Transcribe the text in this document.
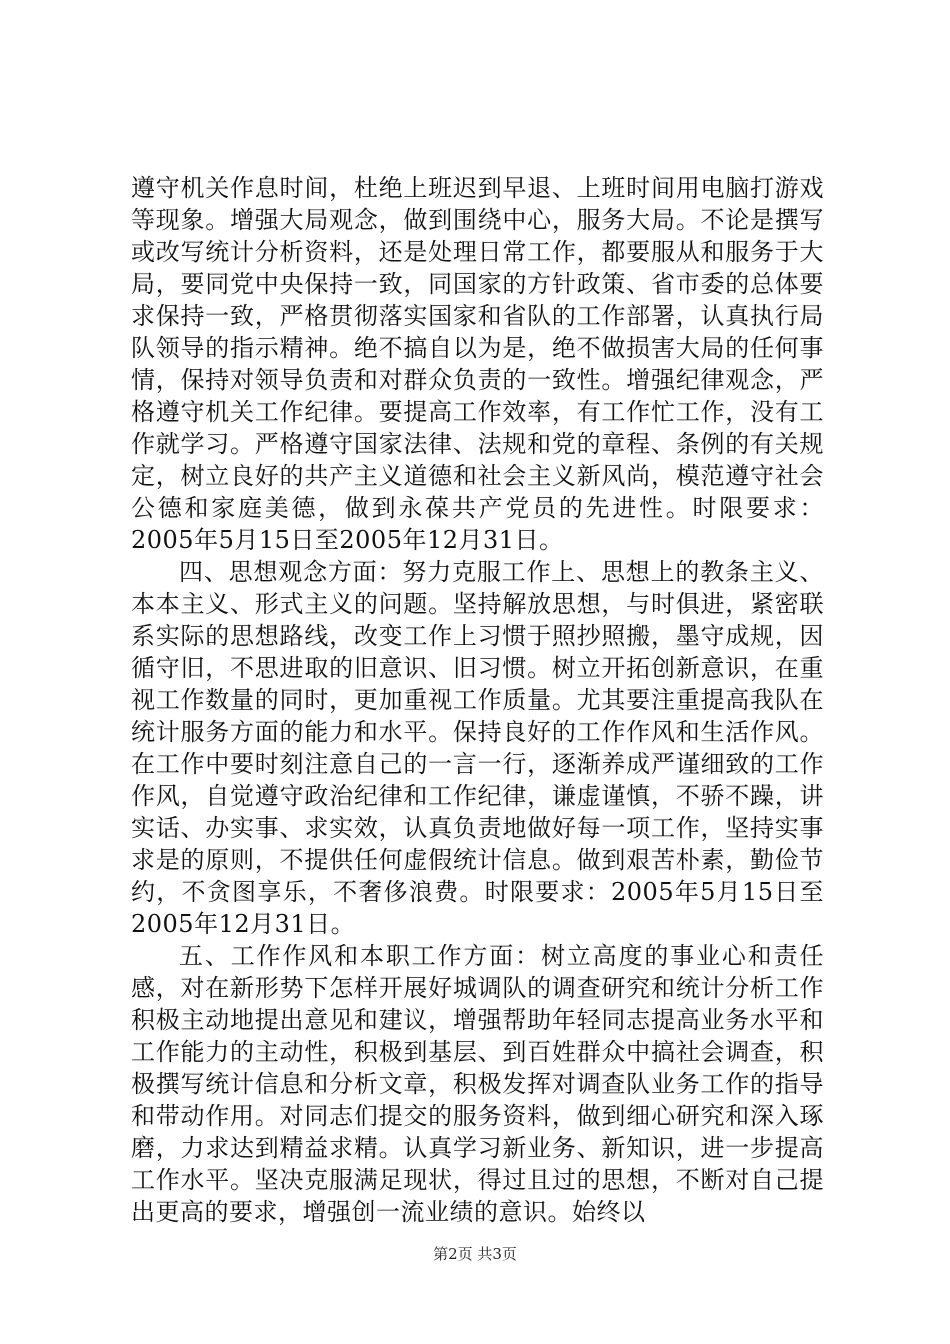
遵守机关作息时间，杜绝上班迟到早退、上班时间用电脑打游戏等现象。增强大局观念，做到围绕中心，服务大局。不论是撰写或改写统计分析资料，还是处理日常工作，都要服从和服务于大局，要同党中央保持一致，同国家的方针政策、省市委的总体要求保持一致，严格贯彻落实国家和省队的工作部署，认真执行局队领导的指示精神。绝不搞自以为是，绝不做损害大局的任何事情，保持对领导负责和对群众负责的一致性。增强纪律观念，严格遵守机关工作纪律。要提高工作效率，有工作忙工作，没有工作就学习。严格遵守国家法律、法规和党的章程、条例的有关规定，树立良好的共产主义道德和社会主义新风尚，模范遵守社会公德和家庭美德，做到永葆共产党员的先进性。时限要求：2005年5月15日至2005年12月31日。

四、思想观念方面：努力克服工作上、思想上的教条主义、本本主义、形式主义的问题。坚持解放思想，与时俱进，紧密联系实际的思想路线，改变工作上习惯于照抄照搬，墨守成规，因循守旧，不思进取的旧意识、旧习惯。树立开拓创新意识，在重视工作数量的同时，更加重视工作质量。尤其要注重提高我队在统计服务方面的能力和水平。保持良好的工作作风和生活作风。在工作中要时刻注意自己的一言一行，逐渐养成严谨细致的工作作风，自觉遵守政治纪律和工作纪律，谦虚谨慎，不骄不躁，讲实话、办实事、求实效，认真负责地做好每一项工作，坚持实事求是的原则，不提供任何虚假统计信息。做到艰苦朴素，勤俭节约，不贪图享乐，不奢侈浪费。时限要求：2005年5月15日至2005年12月31日。

五、工作作风和本职工作方面：树立高度的事业心和责任感，对在新形势下怎样开展好城调队的调查研究和统计分析工作积极主动地提出意见和建议，增强帮助年轻同志提高业务水平和工作能力的主动性，积极到基层、到百姓群众中搞社会调查，积极撰写统计信息和分析文章，积极发挥对调查队业务工作的指导和带动作用。对同志们提交的服务资料，做到细心研究和深入琢磨，力求达到精益求精。认真学习新业务、新知识，进一步提高工作水平。坚决克服满足现状，得过且过的思想，不断对自己提出更高的要求，增强创一流业绩的意识。始终以

第2页 共3页
